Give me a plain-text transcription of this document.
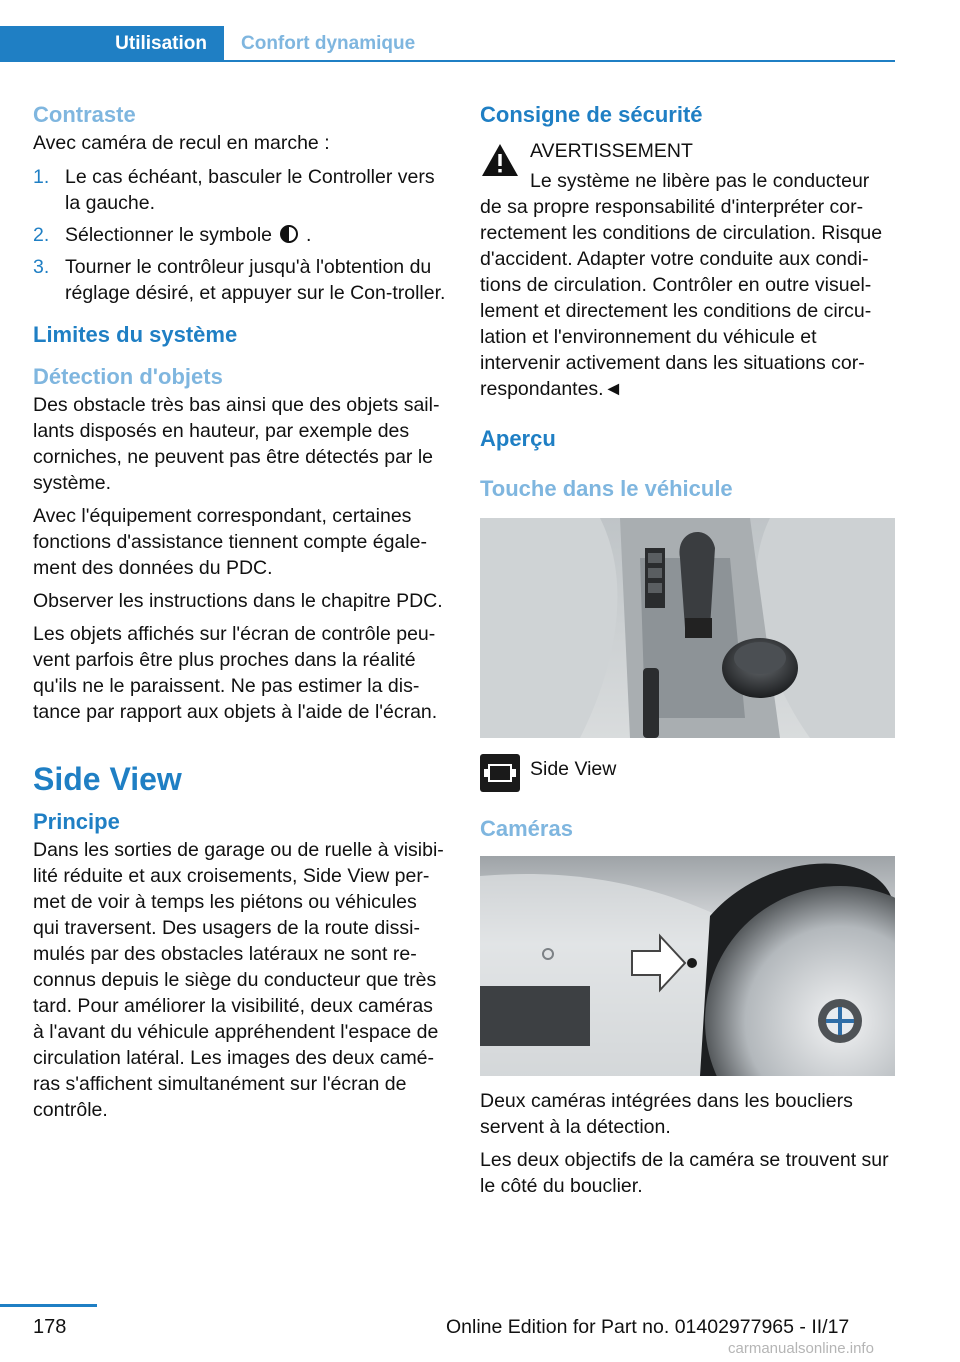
Utilisation Confort dynamique
Contraste

Avec caméra de recul en marche :

1. Le cas échéant, basculer le Controller vers la gauche.
2. Sélectionner le symbole .
3. Tourner le contrôleur jusqu'à l'obtention du réglage désiré, et appuyer sur le Con-troller.
Limites du système
Détection d'objets

Des obstacle très bas ainsi que des objets sail-lants disposés en hauteur, par exemple des corniches, ne peuvent pas être détectés par le système.

Avec l'équipement correspondant, certaines fonctions d'assistance tiennent compte égale-ment des données du PDC.

Observer les instructions dans le chapitre PDC.

Les objets affichés sur l'écran de contrôle peu-vent parfois être plus proches dans la réalité qu'ils ne le paraissent. Ne pas estimer la dis-tance par rapport aux objets à l'aide de l'écran.

Side View
Principe

Dans les sorties de garage ou de ruelle à visibi-lité réduite et aux croisements, Side View per-met de voir à temps les piétons ou véhicules qui traversent. Des usagers de la route dissi-mulés par des obstacles latéraux ne sont re-connus depuis le siège du conducteur que très tard. Pour améliorer la visibilité, deux caméras à l'avant du véhicule appréhendent l'espace de circulation latéral. Les images des deux camé-ras s'affichent simultanément sur l'écran de contrôle.

Consigne de sécurité

AVERTISSEMENT

Le système ne libère pas le conducteur

de sa propre responsabilité d'interpréter cor-rectement les conditions de circulation. Risque d'accident. Adapter votre conduite aux condi-tions de circulation. Contrôler en outre visuel-lement et directement les conditions de circu-lation et l'environnement du véhicule et intervenir activement dans les situations cor-respondantes.◄

Aperçu
Touche dans le véhicule

Side View

Caméras

Deux caméras intégrées dans les boucliers servent à la détection.

Les deux objectifs de la caméra se trouvent sur le côté du bouclier.

178	Online Edition for Part no. 01402977965 - II/17
carmanualsonline.info
